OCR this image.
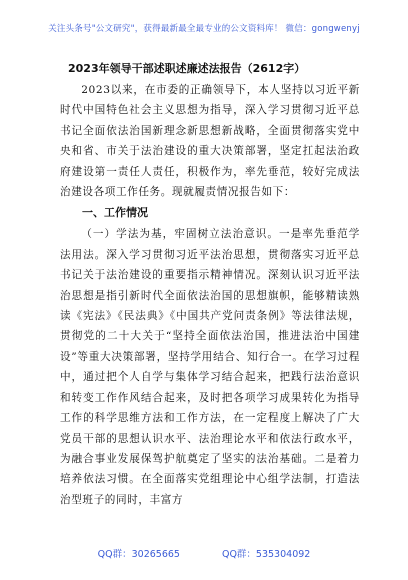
关注头条号"公文研究"，获得最新最全最专业的公文资料库！ 微信：gongwenyj
2023年领导干部述职述廉述法报告（2612字）

2023以来，在市委的正确领导下，本人坚持以习近平新时代中国特色社会主义思想为指导，深入学习贯彻习近平总书记全面依法治国新理念新思想新战略，全面贯彻落实党中央和省、市关于法治建设的重大决策部署，坚定扛起法治政府建设第一责任人责任，积极作为，率先垂范，较好完成法治建设各项工作任务。现就履责情况报告如下：

一、工作情况

（一）学法为基，牢固树立法治意识。一是率先垂范学法用法。深入学习贯彻习近平法治思想，贯彻落实习近平总书记关于法治建设的重要指示精神情况。深刻认识习近平法治思想是指引新时代全面依法治国的思想旗帜，能够精读熟读《宪法》《民法典》《中国共产党问责条例》等法律法规，贯彻党的二十大关于“坚持全面依法治国，推进法治中国建设”等重大决策部署，坚持学用结合、知行合一。在学习过程中，通过把个人自学与集体学习结合起来，把践行法治意识和转变工作作风结合起来，及时把各项学习成果转化为指导工作的科学思维方法和工作方法，在一定程度上解决了广大党员干部的思想认识水平、法治理论水平和依法行政水平，为融合事业发展保驾护航奠定了坚实的法治基础。二是着力培养依法习惯。在全面落实党组理论中心组学法制，打造法治型班子的同时，丰富方

QQ群：30265665	QQ群：535304092
